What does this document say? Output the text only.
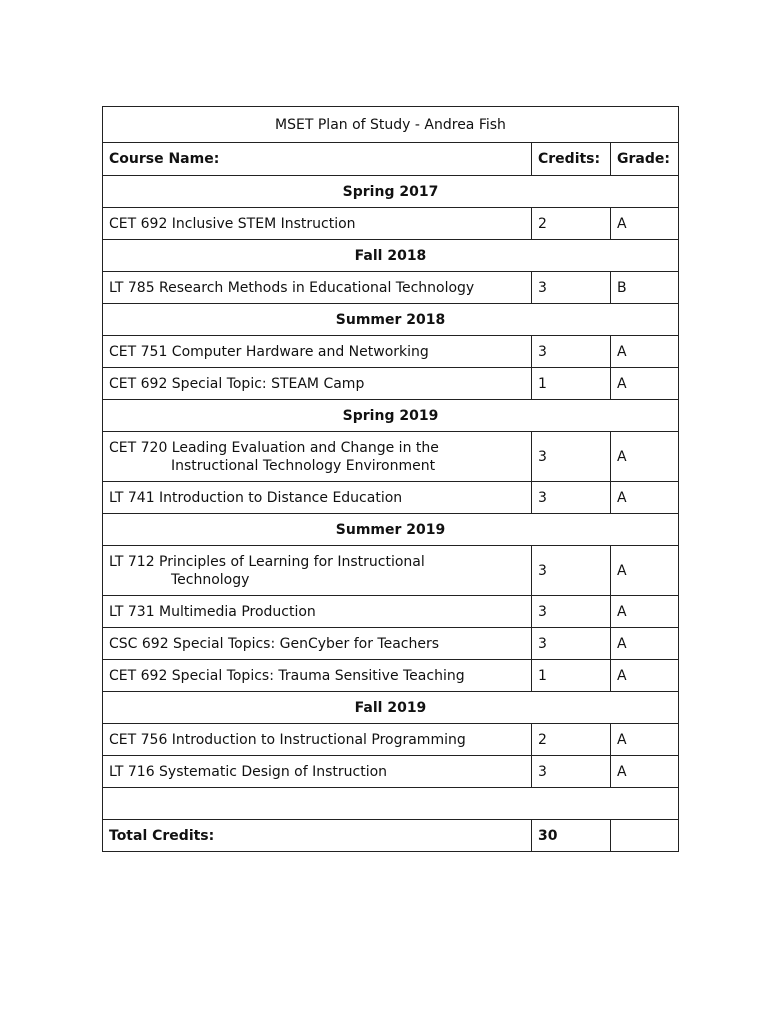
MSET Plan of Study - Andrea Fish		
Course Name:	Credits:	Grade:
Spring 2017		
CET 692 Inclusive STEM Instruction	2	A
Fall 2018		
LT 785 Research Methods in Educational Technology	3	B
Summer 2018		
CET 751 Computer Hardware and Networking	3	A
CET 692 Special Topic: STEAM Camp	1	A
Spring 2019		
CET 720 Leading Evaluation and Change in the
Instructional Technology Environment	3	A
LT 741 Introduction to Distance Education	3	A
Summer 2019		
LT 712 Principles of Learning for Instructional
Technology	3	A
LT 731 Multimedia Production	3	A
CSC 692 Special Topics: GenCyber for Teachers	3	A
CET 692 Special Topics: Trauma Sensitive Teaching	1	A
Fall 2019		
CET 756 Introduction to Instructional Programming	2	A
LT 716 Systematic Design of Instruction	3	A

Total Credits:	30	
